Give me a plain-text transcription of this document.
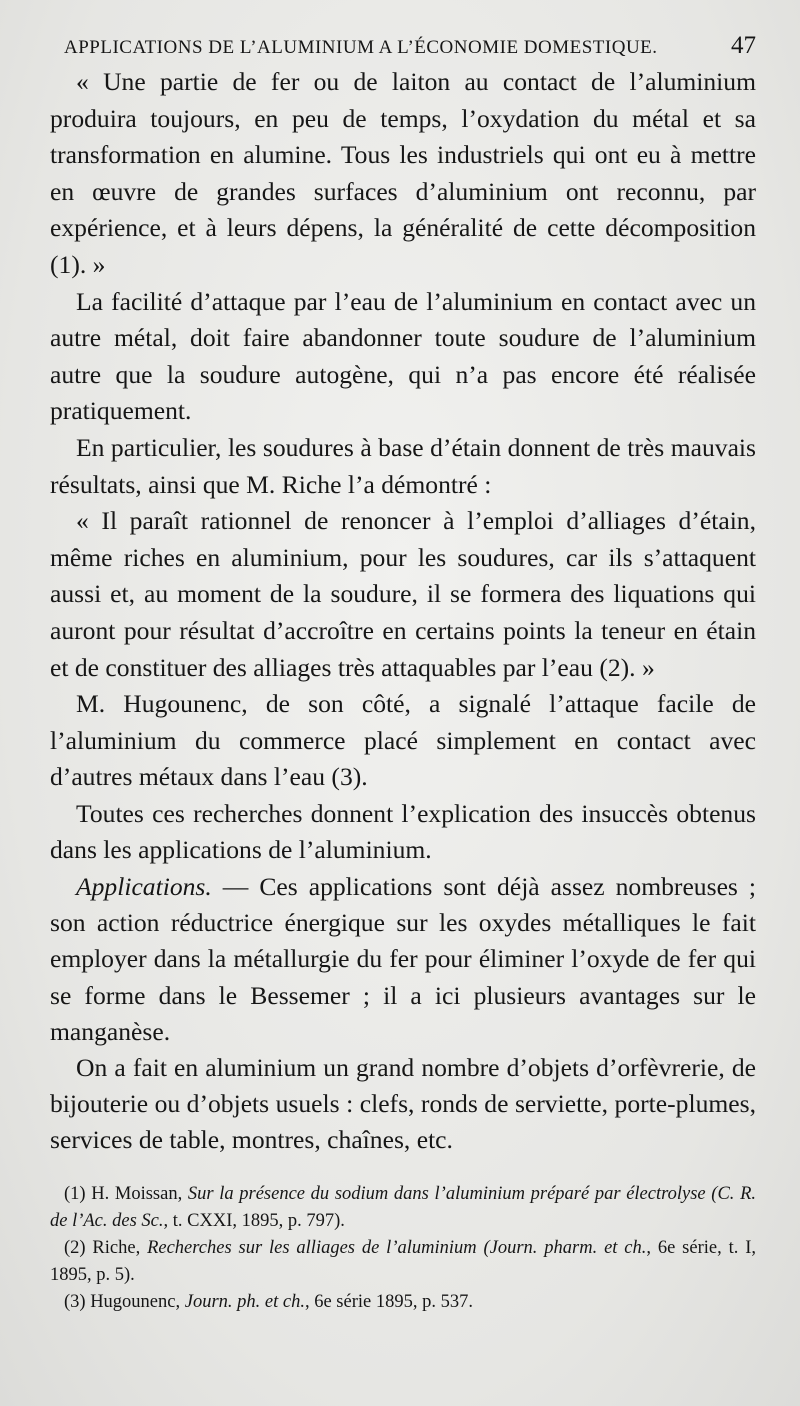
APPLICATIONS DE L’ALUMINIUM A L’ÉCONOMIE DOMESTIQUE.	47

« Une partie de fer ou de laiton au contact de l’aluminium produira toujours, en peu de temps, l’oxydation du métal et sa transformation en alumine. Tous les industriels qui ont eu à mettre en œuvre de grandes surfaces d’aluminium ont reconnu, par expérience, et à leurs dépens, la généralité de cette décomposition (1). »

La facilité d’attaque par l’eau de l’aluminium en contact avec un autre métal, doit faire abandonner toute soudure de l’aluminium autre que la soudure autogène, qui n’a pas encore été réalisée pratiquement.

En particulier, les soudures à base d’étain donnent de très mauvais résultats, ainsi que M. Riche l’a démontré :

« Il paraît rationnel de renoncer à l’emploi d’alliages d’étain, même riches en aluminium, pour les soudures, car ils s’attaquent aussi et, au moment de la soudure, il se formera des liquations qui auront pour résultat d’accroître en certains points la teneur en étain et de constituer des alliages très attaquables par l’eau (2). »

M. Hugounenc, de son côté, a signalé l’attaque facile de l’aluminium du commerce placé simplement en contact avec d’autres métaux dans l’eau (3).

Toutes ces recherches donnent l’explication des insuccès obtenus dans les applications de l’aluminium.

Applications. — Ces applications sont déjà assez nombreuses ; son action réductrice énergique sur les oxydes métalliques le fait employer dans la métallurgie du fer pour éliminer l’oxyde de fer qui se forme dans le Bessemer ; il a ici plusieurs avantages sur le manganèse.

On a fait en aluminium un grand nombre d’objets d’orfèvrerie, de bijouterie ou d’objets usuels : clefs, ronds de serviette, porte-plumes, services de table, montres, chaînes, etc.

(1) H. Moissan, Sur la présence du sodium dans l’aluminium préparé par électrolyse (C. R. de l’Ac. des Sc., t. CXXI, 1895, p. 797).

(2) Riche, Recherches sur les alliages de l’aluminium (Journ. pharm. et ch., 6e série, t. I, 1895, p. 5).

(3) Hugounenc, Journ. ph. et ch., 6e série 1895, p. 537.
